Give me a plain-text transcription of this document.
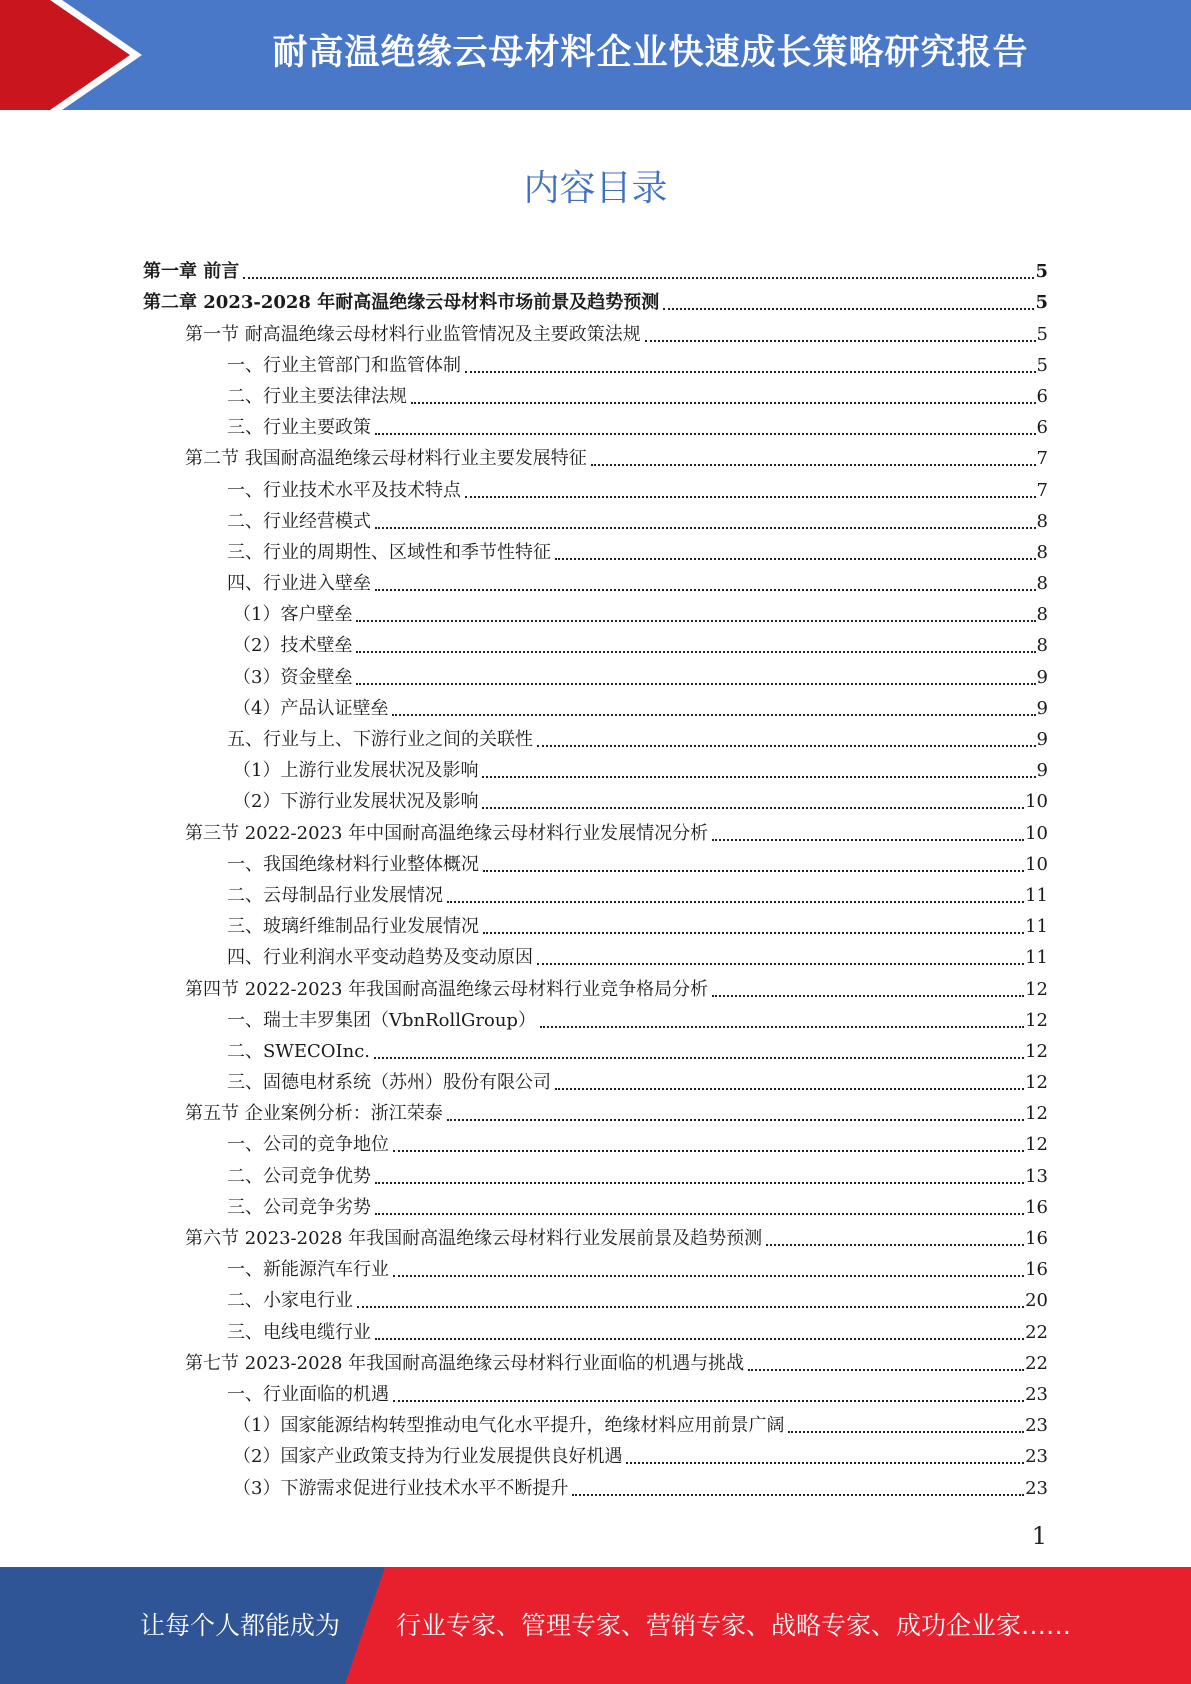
耐高温绝缘云母材料企业快速成长策略研究报告
内容目录
第一章 前言	5
第二章 2023-2028 年耐高温绝缘云母材料市场前景及趋势预测	5
第一节 耐高温绝缘云母材料行业监管情况及主要政策法规	5
一、行业主管部门和监管体制	5
二、行业主要法律法规	6
三、行业主要政策	6
第二节 我国耐高温绝缘云母材料行业主要发展特征	7
一、行业技术水平及技术特点	7
二、行业经营模式	8
三、行业的周期性、区域性和季节性特征	8
四、行业进入壁垒	8
（1）客户壁垒	8
（2）技术壁垒	8
（3）资金壁垒	9
（4）产品认证壁垒	9
五、行业与上、下游行业之间的关联性	9
（1）上游行业发展状况及影响	9
（2）下游行业发展状况及影响	10
第三节 2022-2023 年中国耐高温绝缘云母材料行业发展情况分析	10
一、我国绝缘材料行业整体概况	10
二、云母制品行业发展情况	11
三、玻璃纤维制品行业发展情况	11
四、行业利润水平变动趋势及变动原因	11
第四节 2022-2023 年我国耐高温绝缘云母材料行业竞争格局分析	12
一、瑞士丰罗集团（VbnRollGroup）	12
二、SWECOInc.	12
三、固德电材系统（苏州）股份有限公司	12
第五节 企业案例分析：浙江荣泰	12
一、公司的竞争地位	12
二、公司竞争优势	13
三、公司竞争劣势	16
第六节 2023-2028 年我国耐高温绝缘云母材料行业发展前景及趋势预测	16
一、新能源汽车行业	16
二、小家电行业	20
三、电线电缆行业	22
第七节 2023-2028 年我国耐高温绝缘云母材料行业面临的机遇与挑战	22
一、行业面临的机遇	23
（1）国家能源结构转型推动电气化水平提升，绝缘材料应用前景广阔	23
（2）国家产业政策支持为行业发展提供良好机遇	23
（3）下游需求促进行业技术水平不断提升	23
1
让每个人都能成为 行业专家、管理专家、营销专家、战略专家、成功企业家……
